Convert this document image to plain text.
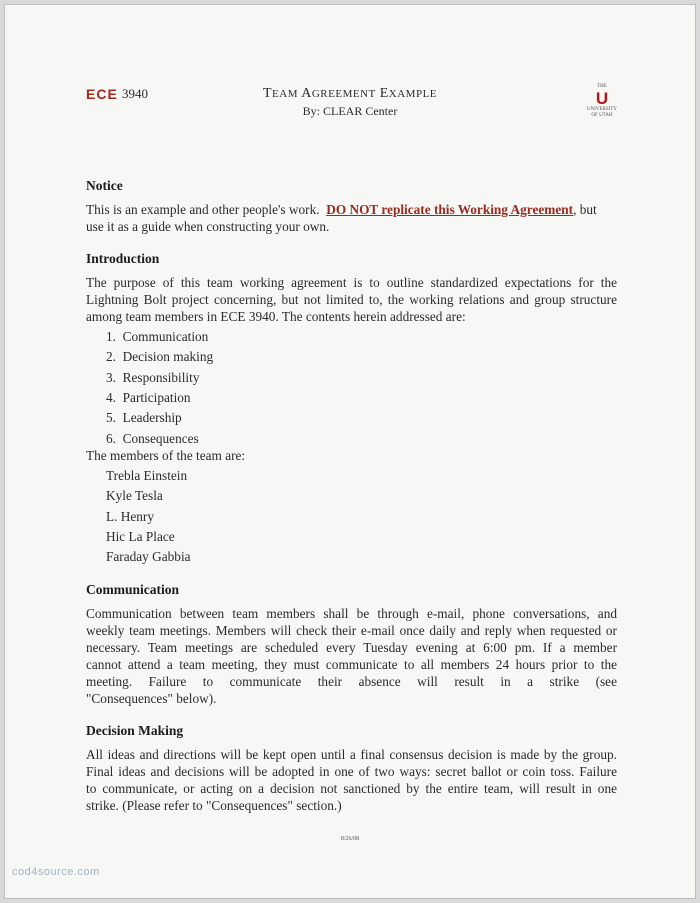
ECE 3940	TEAM AGREEMENT EXAMPLE
By: CLEAR Center
THE
U
UNIVERSITY
OF UTAH
Notice
This is an example and other people's work. DO NOT replicate this Working Agreement, but
use it as a guide when constructing your own.
Introduction
The purpose of this team working agreement is to outline standardized expectations for the
Lightning Bolt project concerning, but not limited to, the working relations and group structure
among team members in ECE 3940. The contents herein addressed are:
1. Communication
2. Decision making
3. Responsibility
4. Participation
5. Leadership
6. Consequences
The members of the team are:
Trebla Einstein
Kyle Tesla
L. Henry
Hic La Place
Faraday Gabbia
Communication
Communication between team members shall be through e-mail, phone conversations, and
weekly team meetings. Members will check their e-mail once daily and reply when requested or
necessary. Team meetings are scheduled every Tuesday evening at 6:00 pm. If a member
cannot attend a team meeting, they must communicate to all members 24 hours prior to the
meeting. Failure to communicate their absence will result in a strike (see
"Consequences" below).
Decision Making
All ideas and directions will be kept open until a final consensus decision is made by the group.
Final ideas and decisions will be adopted in one of two ways: secret ballot or coin toss. Failure
to communicate, or acting on a decision not sanctioned by the entire team, will result in one
strike. (Please refer to "Consequences" section.)
8/26/08
cod4source.com
